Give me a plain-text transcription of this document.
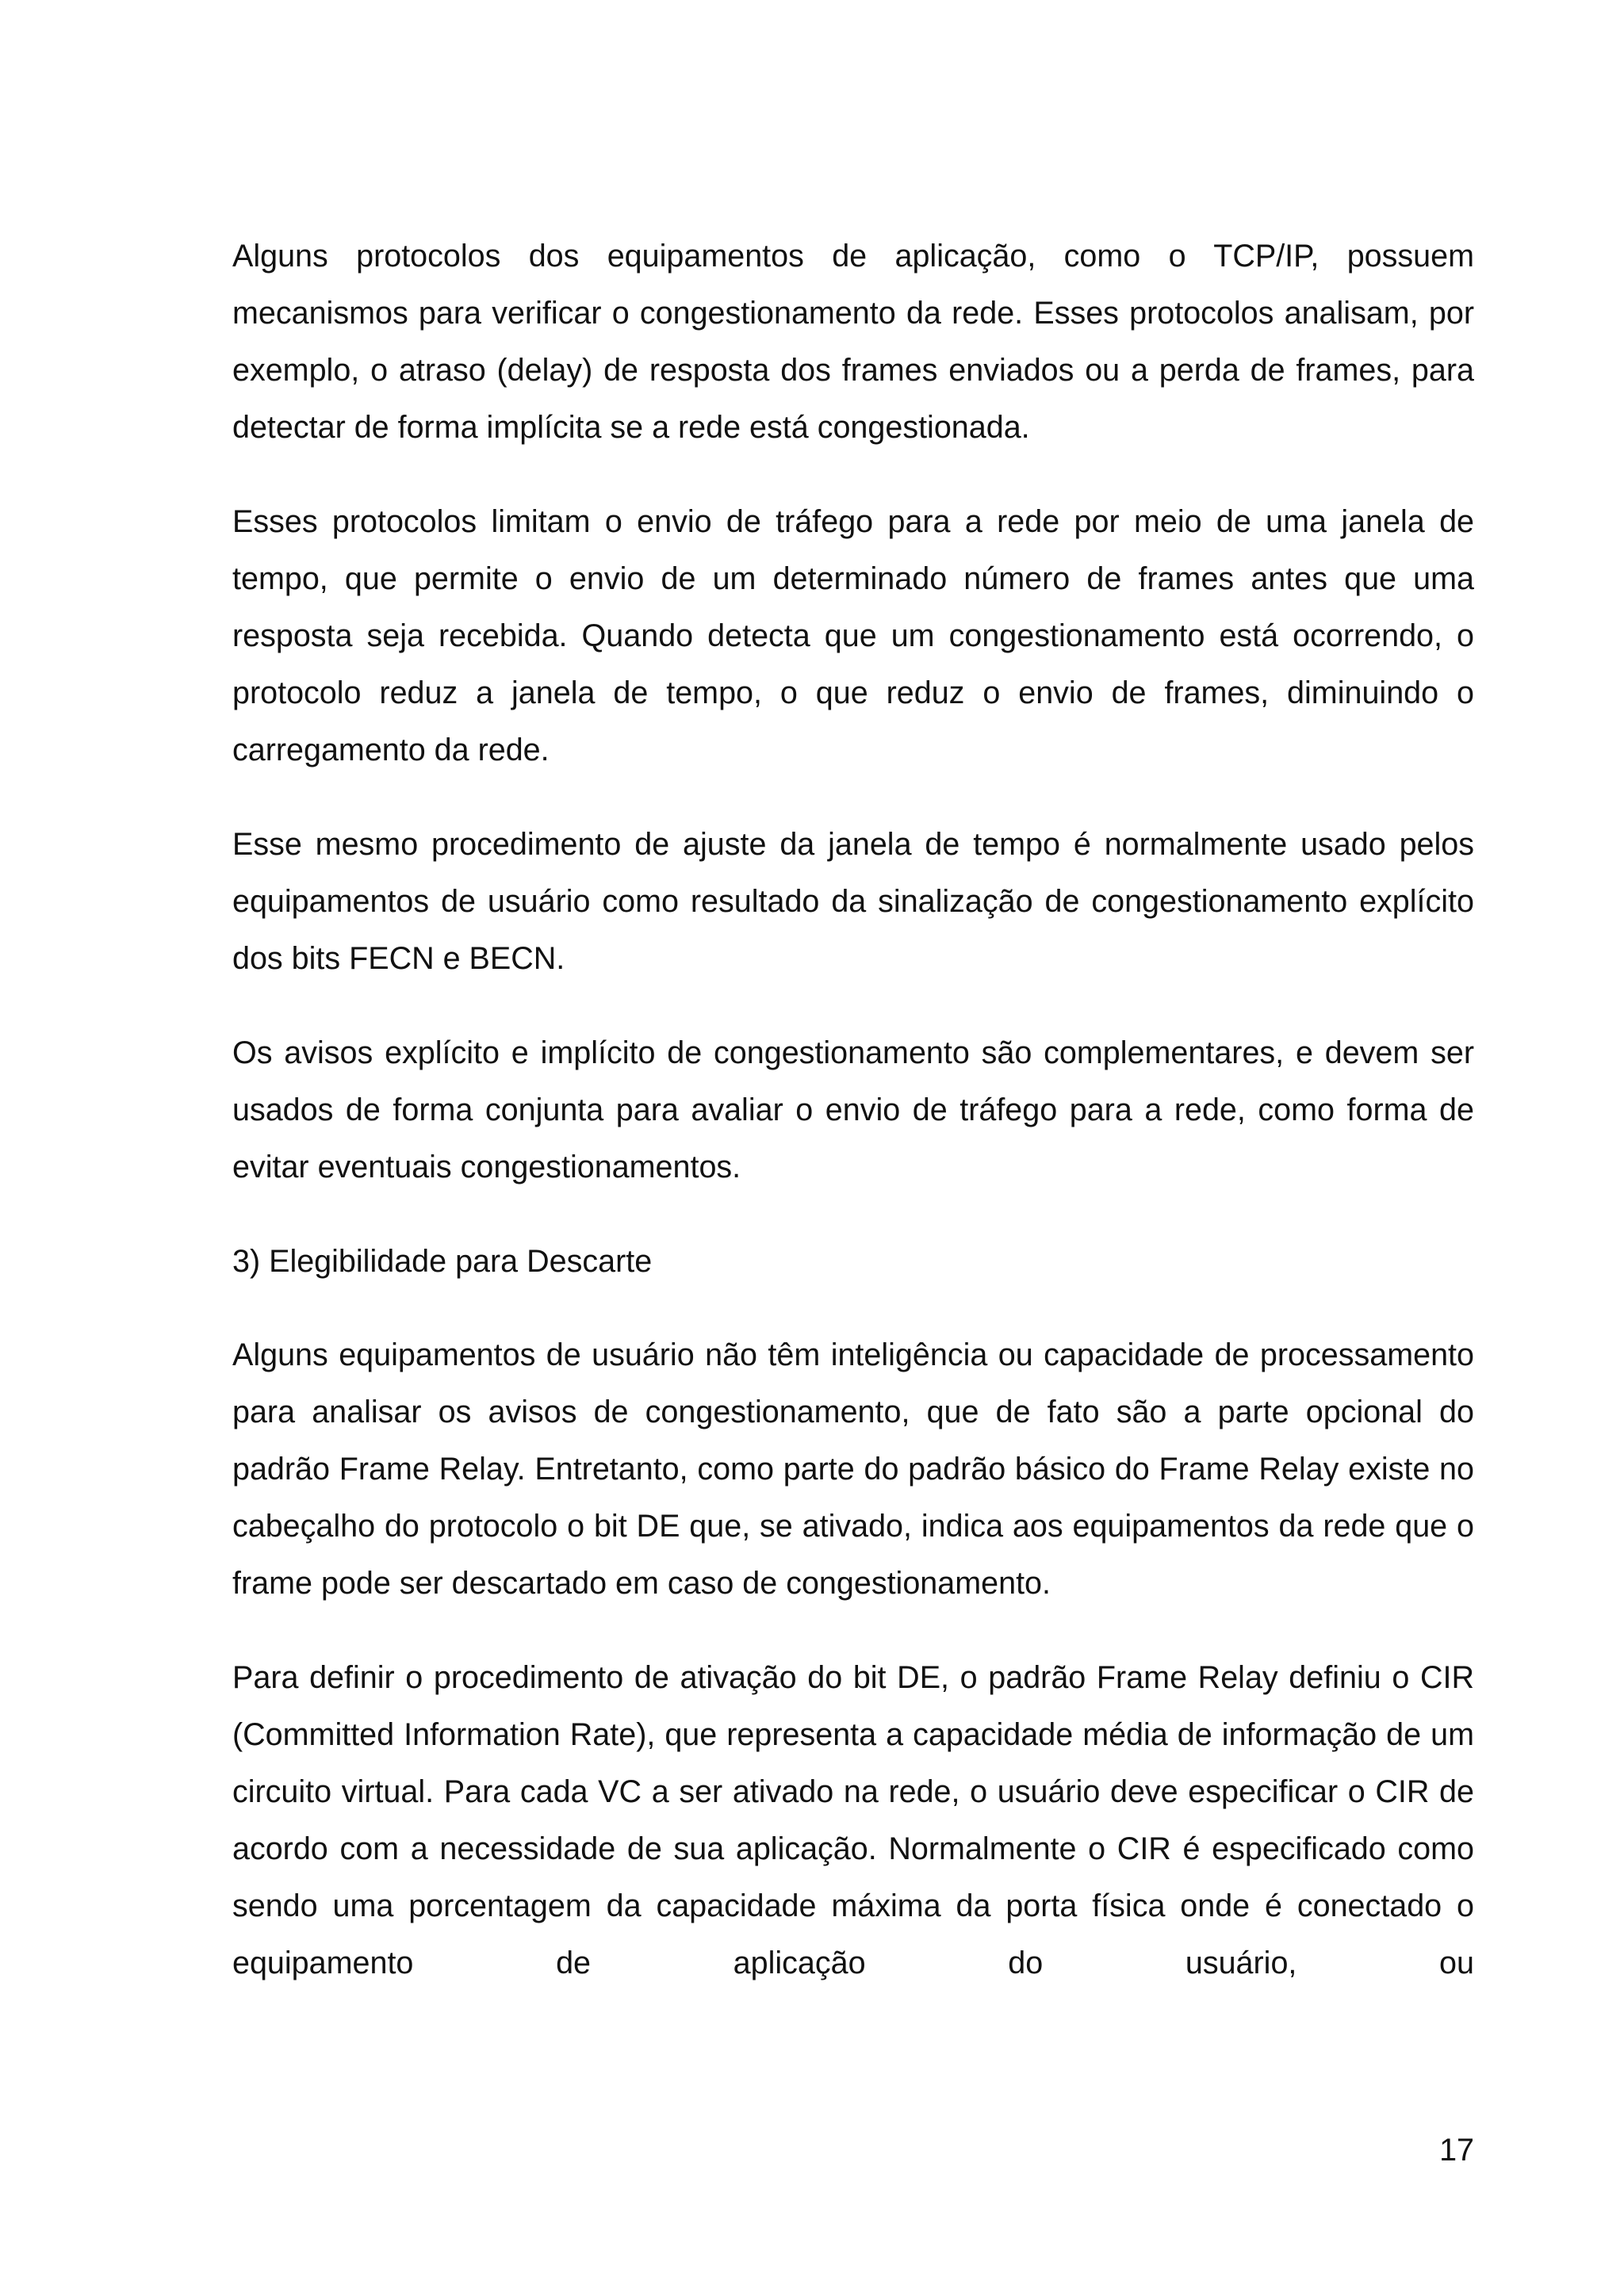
Alguns protocolos dos equipamentos de aplicação, como o TCP/IP, possuem mecanismos para verificar o congestionamento da rede. Esses protocolos analisam, por exemplo, o atraso (delay) de resposta dos frames enviados ou a perda de frames, para detectar de forma implícita se a rede está congestionada.

Esses protocolos limitam o envio de tráfego para a rede por meio de uma janela de tempo, que permite o envio de um determinado número de frames antes que uma resposta seja recebida. Quando detecta que um congestionamento está ocorrendo, o protocolo reduz a janela de tempo, o que reduz o envio de frames, diminuindo o carregamento da rede.

Esse mesmo procedimento de ajuste da janela de tempo é normalmente usado pelos equipamentos de usuário como resultado da sinalização de congestionamento explícito dos bits FECN e BECN.

Os avisos explícito e implícito de congestionamento são complementares, e devem ser usados de forma conjunta para avaliar o envio de tráfego para a rede, como forma de evitar eventuais congestionamentos.

3) Elegibilidade para Descarte

Alguns equipamentos de usuário não têm inteligência ou capacidade de processamento para analisar os avisos de congestionamento, que de fato são a parte opcional do padrão Frame Relay. Entretanto, como parte do padrão básico do Frame Relay existe no cabeçalho do protocolo o bit DE que, se ativado, indica aos equipamentos da rede que o frame pode ser descartado em caso de congestionamento.

Para definir o procedimento de ativação do bit DE, o padrão Frame Relay definiu o CIR (Committed Information Rate), que representa a capacidade média de informação de um circuito virtual. Para cada VC a ser ativado na rede, o usuário deve especificar o CIR de acordo com a necessidade de sua aplicação. Normalmente o CIR é especificado como sendo uma porcentagem da capacidade máxima da porta física onde é conectado o equipamento de aplicação do usuário, ou

17
